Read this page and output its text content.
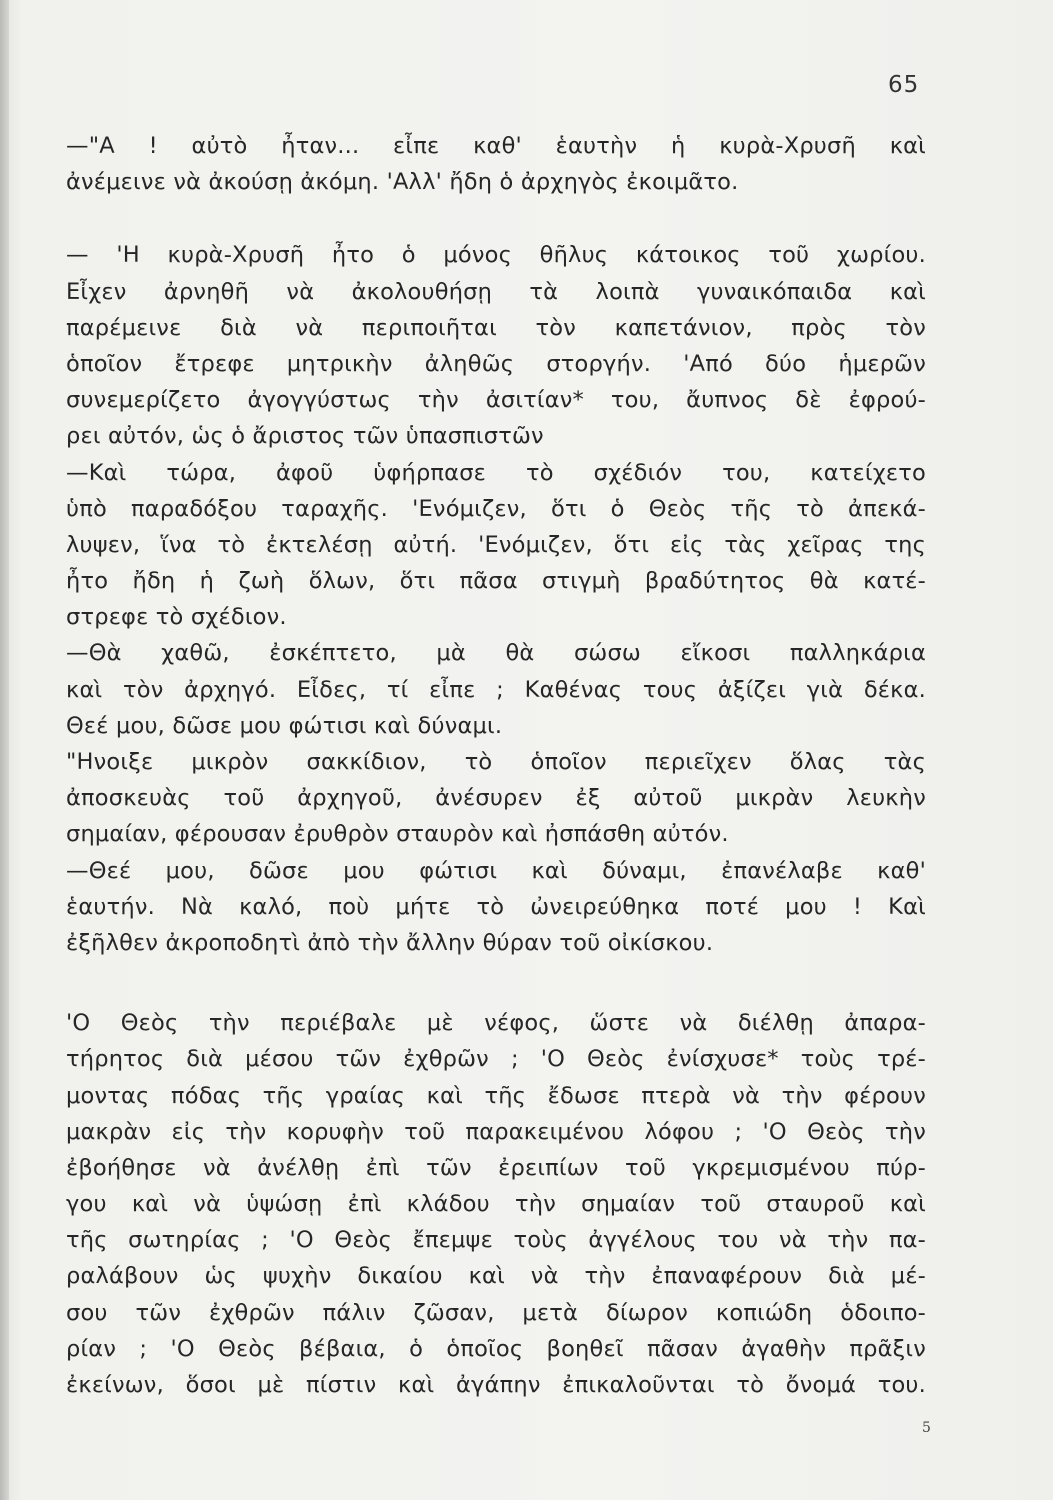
65
—"Α ! αὐτὸ ἦταν... εἶπε καθ' ἑαυτὴν ἡ κυρὰ-Χρυσῆ καὶ
ἀνέμεινε νὰ ἀκούσῃ ἀκόμη. 'Αλλ' ἤδη ὁ ἀρχηγὸς ἐκοιμᾶτο.
— 'Η κυρὰ-Χρυσῆ ἦτο ὁ μόνος θῆλυς κάτοικος τοῦ χωρίου.
Εἶχεν ἀρνηθῆ νὰ ἀκολουθήσῃ τὰ λοιπὰ γυναικόπαιδα καὶ
παρέμεινε διὰ νὰ περιποιῆται τὸν καπετάνιον, πρὸς τὸν
ὁποῖον ἔτρεφε μητρικὴν ἀληθῶς στοργήν. 'Από δύο ἡμερῶν
συνεμερίζετο ἀγογγύστως τὴν ἀσιτίαν* του, ἄυπνος δὲ ἐφρού-
ρει αὐτόν, ὡς ὁ ἄριστος τῶν ὑπασπιστῶν
—Καὶ τώρα, ἀφοῦ ὑφήρπασε τὸ σχέδιόν του, κατείχετο
ὑπὸ παραδόξου ταραχῆς. 'Ενόμιζεν, ὅτι ὁ Θεὸς τῆς τὸ ἀπεκά-
λυψεν, ἵνα τὸ ἐκτελέσῃ αὐτή. 'Ενόμιζεν, ὅτι εἰς τὰς χεῖρας της
ἦτο ἤδη ἡ ζωὴ ὅλων, ὅτι πᾶσα στιγμὴ βραδύτητος θὰ κατέ-
στρεφε τὸ σχέδιον.
—Θὰ χαθῶ, ἐσκέπτετο, μὰ θὰ σώσω εἴκοσι παλληκάρια
καὶ τὸν ἀρχηγό. Εἶδες, τί εἶπε ; Καθένας τους ἀξίζει γιὰ δέκα.
Θεέ μου, δῶσε μου φώτισι καὶ δύναμι.
"Ηνοιξε μικρὸν σακκίδιον, τὸ ὁποῖον περιεῖχεν ὅλας τὰς
ἀποσκευὰς τοῦ ἀρχηγοῦ, ἀνέσυρεν ἐξ αὐτοῦ μικρὰν λευκὴν
σημαίαν, φέρουσαν ἐρυθρὸν σταυρὸν καὶ ἠσπάσθη αὐτόν.
—Θεέ μου, δῶσε μου φώτισι καὶ δύναμι, ἐπανέλαβε καθ'
ἑαυτήν. Νὰ καλό, ποὺ μήτε τὸ ὠνειρεύθηκα ποτέ μου ! Καὶ
ἐξῆλθεν ἀκροποδητὶ ἀπὸ τὴν ἄλλην θύραν τοῦ οἰκίσκου.
'Ο Θεὸς τὴν περιέβαλε μὲ νέφος, ὥστε νὰ διέλθῃ ἀπαρα-
τήρητος διὰ μέσου τῶν ἐχθρῶν ; 'Ο Θεὸς ἐνίσχυσε* τοὺς τρέ-
μοντας πόδας τῆς γραίας καὶ τῆς ἔδωσε πτερὰ νὰ τὴν φέρουν
μακρὰν εἰς τὴν κορυφὴν τοῦ παρακειμένου λόφου ; 'Ο Θεὸς τὴν
ἐβοήθησε νὰ ἀνέλθῃ ἐπὶ τῶν ἐρειπίων τοῦ γκρεμισμένου πύρ-
γου καὶ νὰ ὑψώσῃ ἐπὶ κλάδου τὴν σημαίαν τοῦ σταυροῦ καὶ
τῆς σωτηρίας ; 'Ο Θεὸς ἔπεμψε τοὺς ἀγγέλους του νὰ τὴν πα-
ραλάβουν ὡς ψυχὴν δικαίου καὶ νὰ τὴν ἐπαναφέρουν διὰ μέ-
σου τῶν ἐχθρῶν πάλιν ζῶσαν, μετὰ δίωρον κοπιώδη ὁδοιπο-
ρίαν ; 'Ο Θεὸς βέβαια, ὁ ὁποῖος βοηθεῖ πᾶσαν ἀγαθὴν πρᾶξιν
ἐκείνων, ὅσοι μὲ πίστιν καὶ ἀγάπην ἐπικαλοῦνται τὸ ὄνομά του.
5
